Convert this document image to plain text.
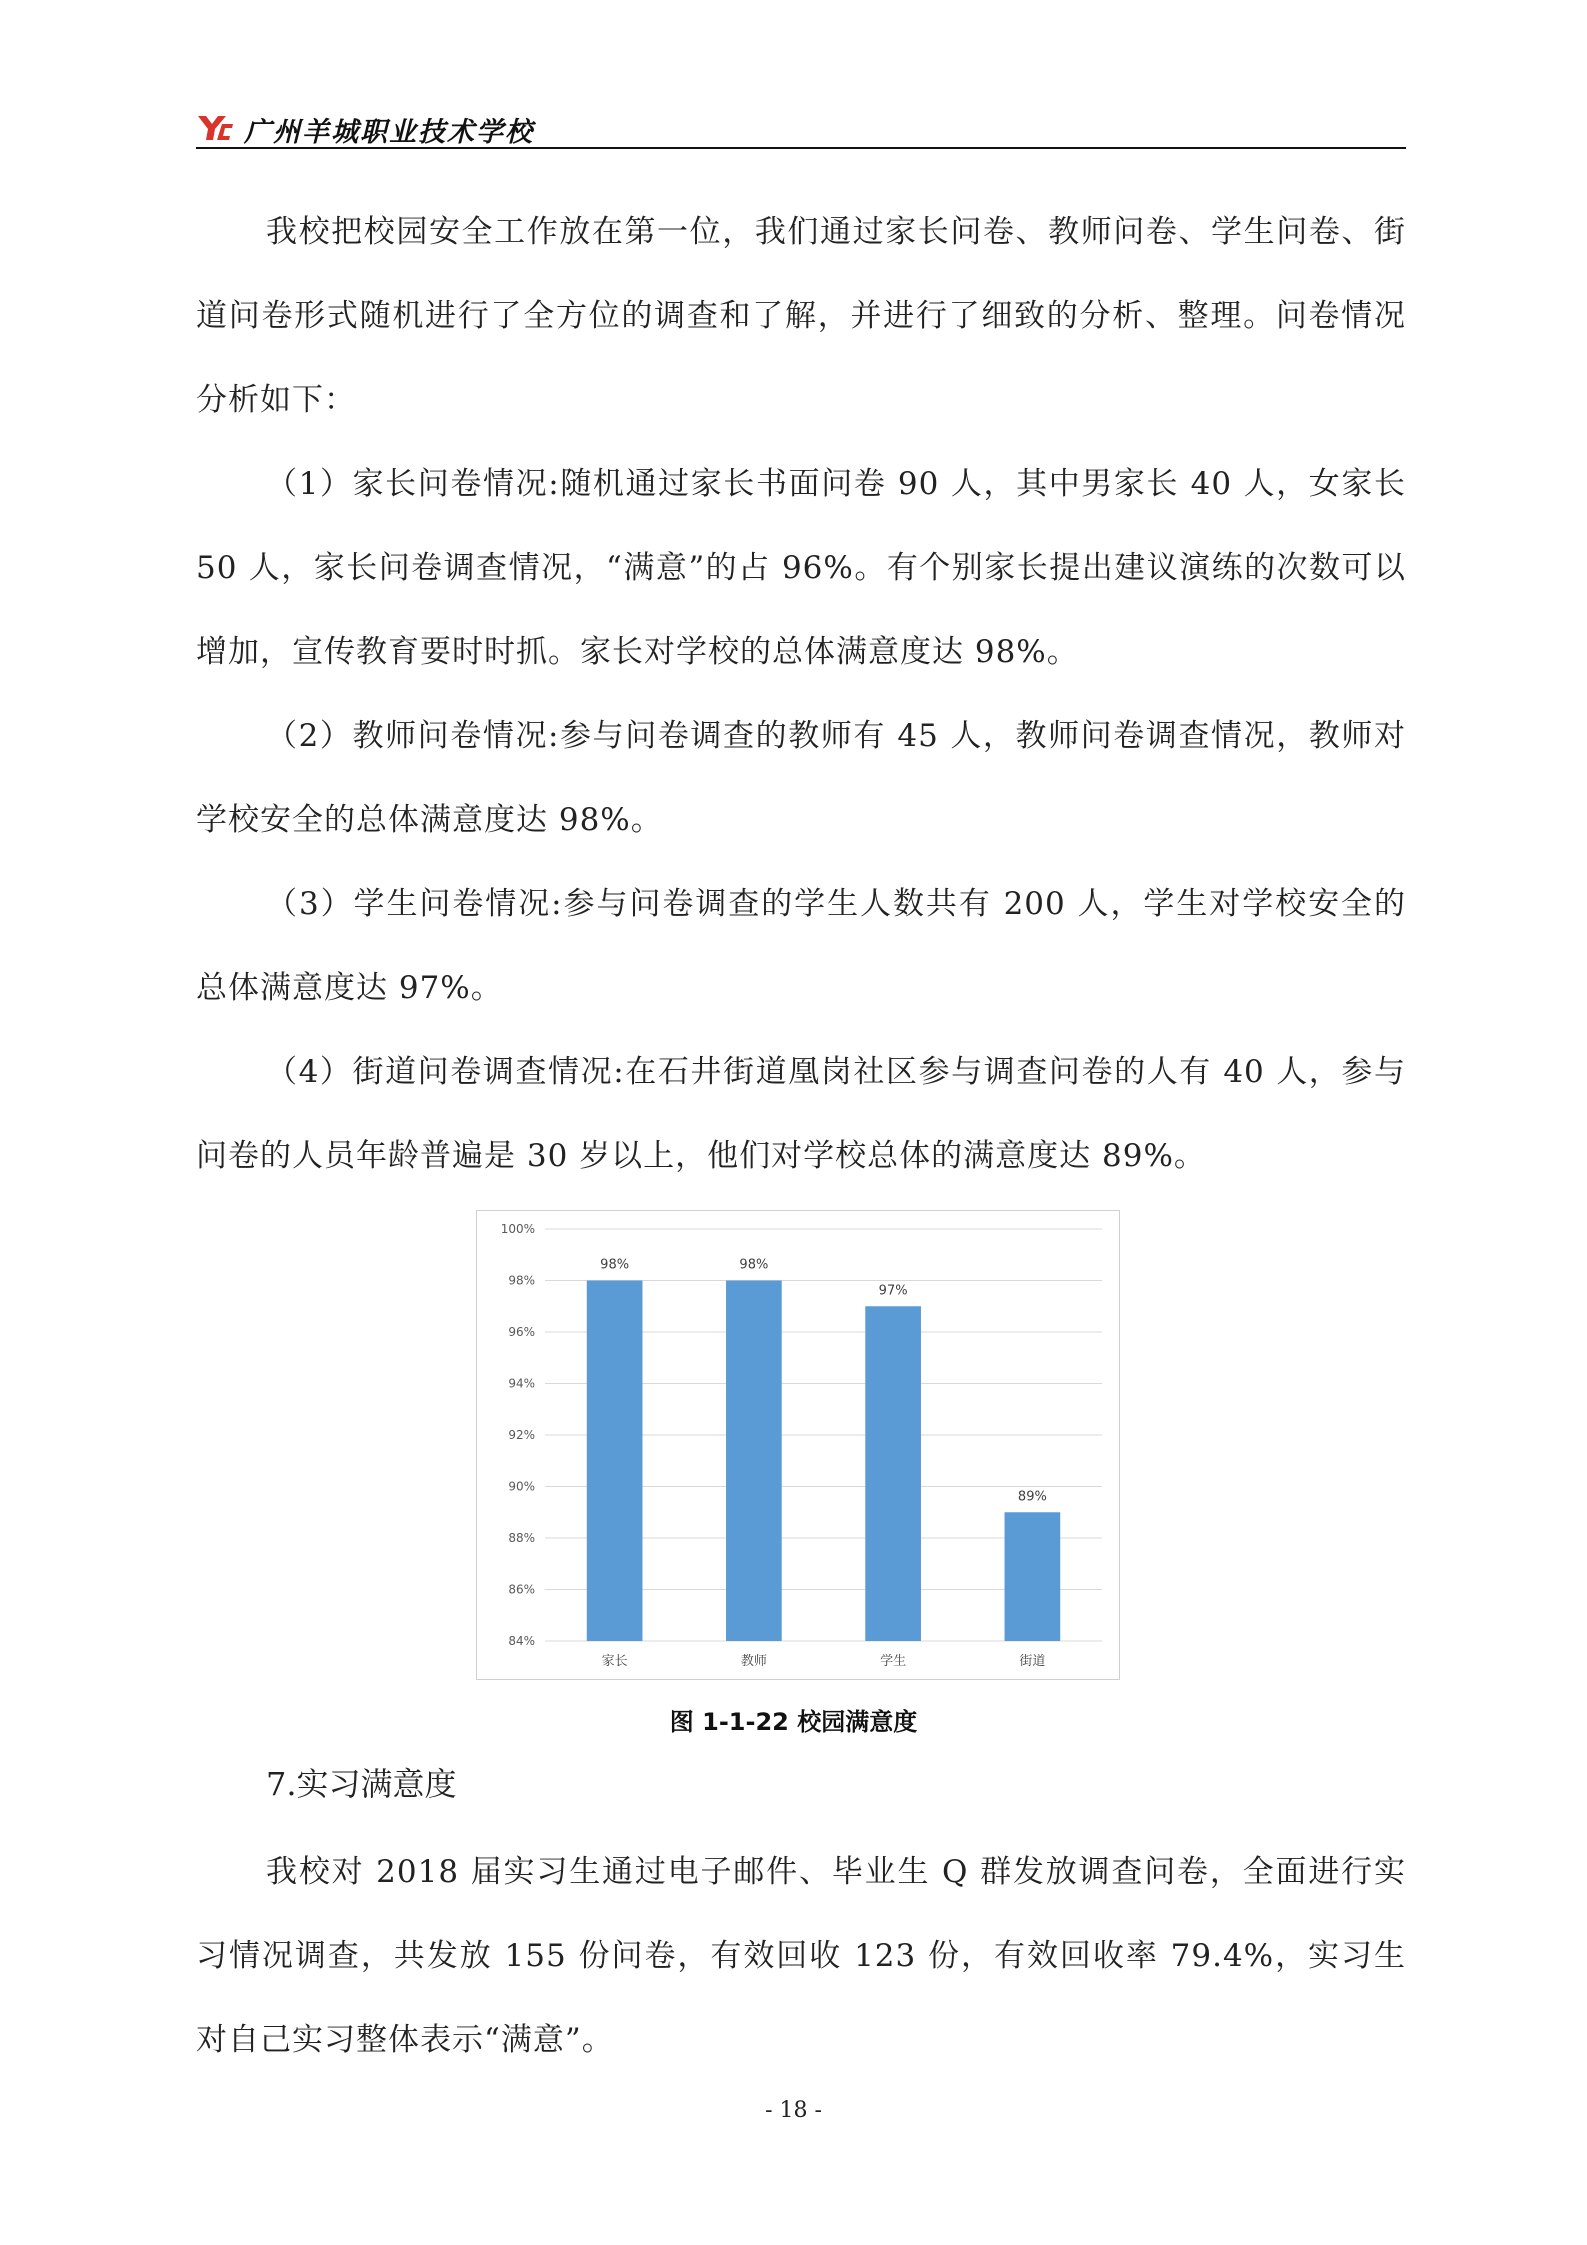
广州羊城职业技术学校

我校把校园安全工作放在第一位，我们通过家长问卷、教师问卷、学生问卷、街道问卷形式随机进行了全方位的调查和了解，并进行了细致的分析、整理。问卷情况分析如下：

（1）家长问卷情况:随机通过家长书面问卷 90 人，其中男家长 40 人，女家长 50 人，家长问卷调查情况，“满意”的占 96%。有个别家长提出建议演练的次数可以增加，宣传教育要时时抓。家长对学校的总体满意度达 98%。

（2）教师问卷情况:参与问卷调查的教师有 45 人，教师问卷调查情况，教师对学校安全的总体满意度达 98%。

（3）学生问卷情况:参与问卷调查的学生人数共有 200 人，学生对学校安全的总体满意度达 97%。

（4）街道问卷调查情况:在石井街道凰岗社区参与调查问卷的人有 40 人，参与问卷的人员年龄普遍是 30 岁以上，他们对学校总体的满意度达 89%。

84%
86%
88%
90%
92%
94%
96%
98%
100%
98%
家长
98%
教师
97%
学生
89%
街道

图 1-1-22 校园满意度

7.实习满意度

我校对 2018 届实习生通过电子邮件、毕业生 Q 群发放调查问卷，全面进行实习情况调查，共发放 155 份问卷，有效回收 123 份，有效回收率 79.4%，实习生对自己实习整体表示“满意”。

- 18 -
